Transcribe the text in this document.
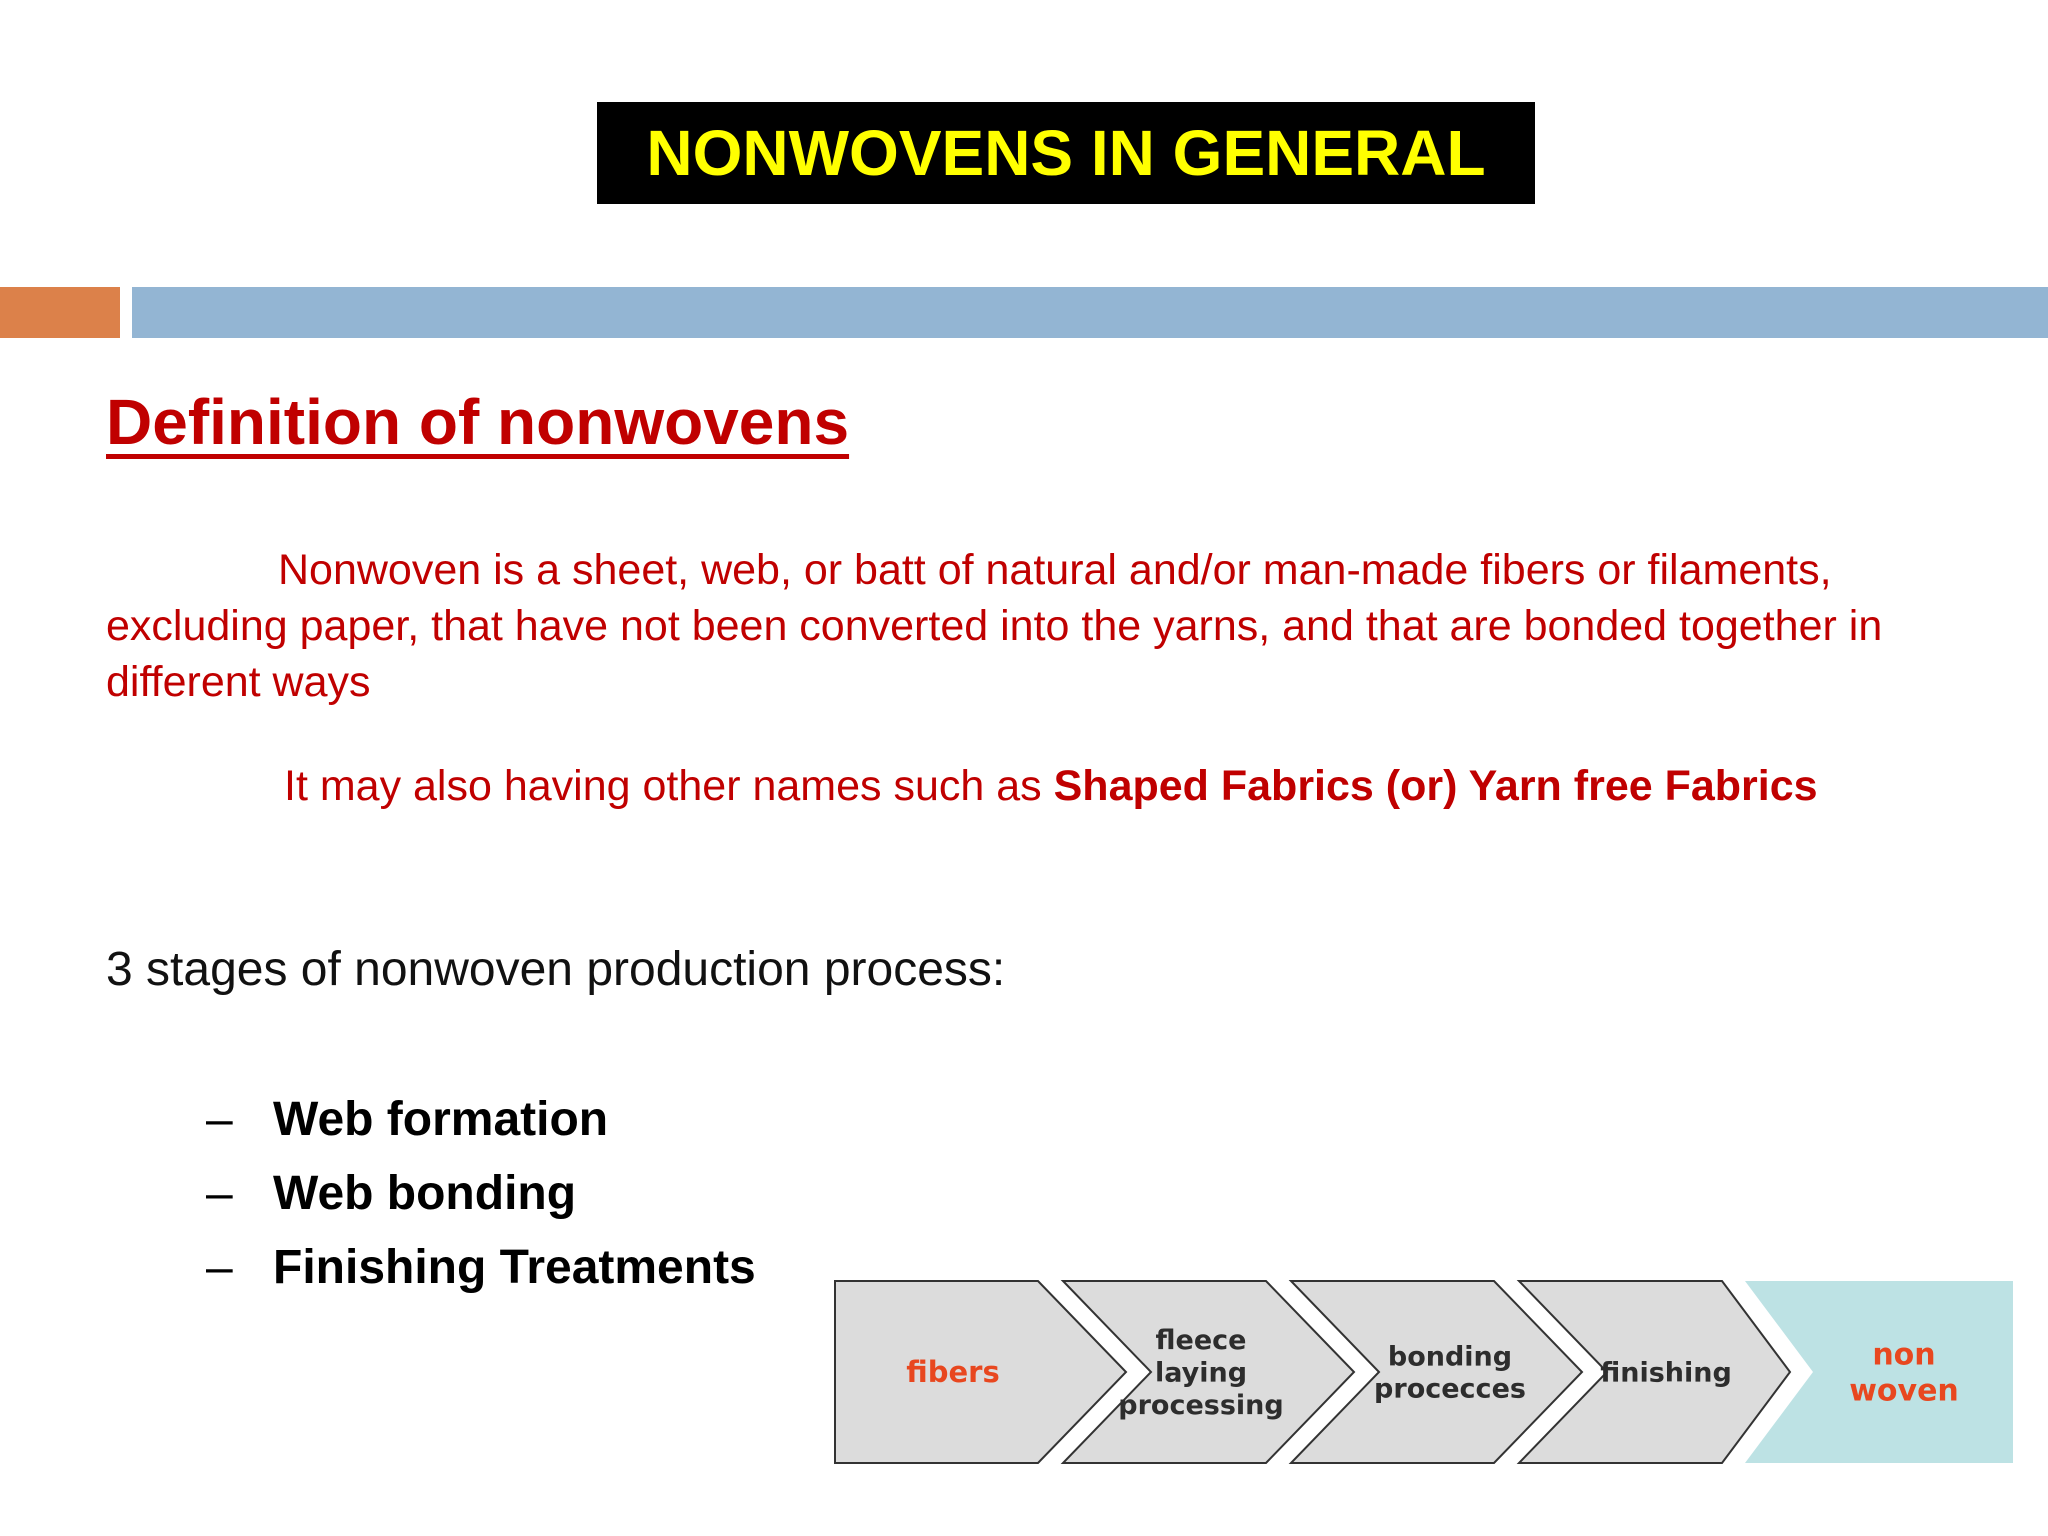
NONWOVENS IN GENERAL
Definition of nonwovens
Nonwoven is a sheet, web, or batt of natural and/or man-made fibers or filaments, excluding paper, that have not been converted into the yarns, and that are bonded together in different ways
It may also having other names such as Shaped Fabrics (or) Yarn free Fabrics
3 stages of nonwoven production process:
– Web formation
– Web bonding
– Finishing Treatments
fibers
fleece laying processing
bonding procecces
finishing
non woven
